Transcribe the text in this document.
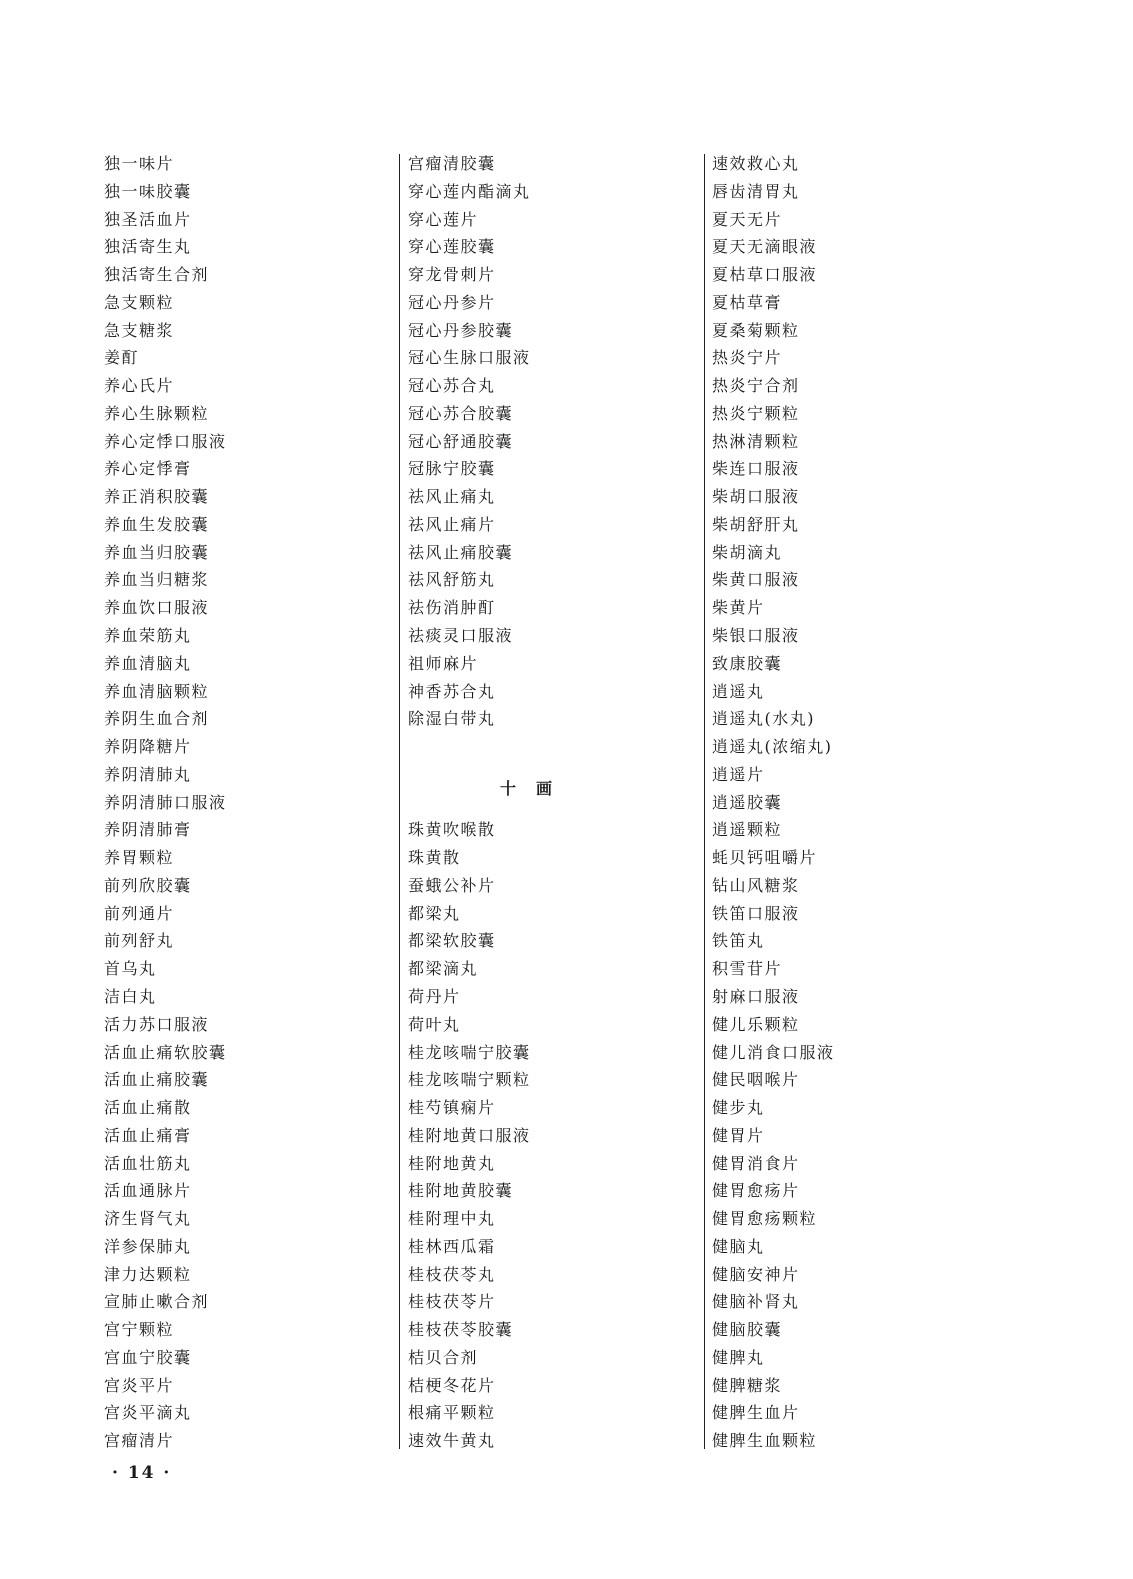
独一味片
独一味胶囊
独圣活血片
独活寄生丸
独活寄生合剂
急支颗粒
急支糖浆
姜酊
养心氏片
养心生脉颗粒
养心定悸口服液
养心定悸膏
养正消积胶囊
养血生发胶囊
养血当归胶囊
养血当归糖浆
养血饮口服液
养血荣筋丸
养血清脑丸
养血清脑颗粒
养阴生血合剂
养阴降糖片
养阴清肺丸
养阴清肺口服液
养阴清肺膏
养胃颗粒
前列欣胶囊
前列通片
前列舒丸
首乌丸
洁白丸
活力苏口服液
活血止痛软胶囊
活血止痛胶囊
活血止痛散
活血止痛膏
活血壮筋丸
活血通脉片
济生肾气丸
洋参保肺丸
津力达颗粒
宣肺止嗽合剂
宫宁颗粒
宫血宁胶囊
宫炎平片
宫炎平滴丸
宫瘤清片
宫瘤清胶囊
穿心莲内酯滴丸
穿心莲片
穿心莲胶囊
穿龙骨刺片
冠心丹参片
冠心丹参胶囊
冠心生脉口服液
冠心苏合丸
冠心苏合胶囊
冠心舒通胶囊
冠脉宁胶囊
祛风止痛丸
祛风止痛片
祛风止痛胶囊
祛风舒筋丸
祛伤消肿酊
祛痰灵口服液
祖师麻片
神香苏合丸
除湿白带丸
十画
珠黄吹喉散
珠黄散
蚕蛾公补片
都梁丸
都梁软胶囊
都梁滴丸
荷丹片
荷叶丸
桂龙咳喘宁胶囊
桂龙咳喘宁颗粒
桂芍镇痫片
桂附地黄口服液
桂附地黄丸
桂附地黄胶囊
桂附理中丸
桂林西瓜霜
桂枝茯苓丸
桂枝茯苓片
桂枝茯苓胶囊
桔贝合剂
桔梗冬花片
根痛平颗粒
速效牛黄丸
速效救心丸
唇齿清胃丸
夏天无片
夏天无滴眼液
夏枯草口服液
夏枯草膏
夏桑菊颗粒
热炎宁片
热炎宁合剂
热炎宁颗粒
热淋清颗粒
柴连口服液
柴胡口服液
柴胡舒肝丸
柴胡滴丸
柴黄口服液
柴黄片
柴银口服液
致康胶囊
逍遥丸
逍遥丸(水丸)
逍遥丸(浓缩丸)
逍遥片
逍遥胶囊
逍遥颗粒
蚝贝钙咀嚼片
钻山风糖浆
铁笛口服液
铁笛丸
积雪苷片
射麻口服液
健儿乐颗粒
健儿消食口服液
健民咽喉片
健步丸
健胃片
健胃消食片
健胃愈疡片
健胃愈疡颗粒
健脑丸
健脑安神片
健脑补肾丸
健脑胶囊
健脾丸
健脾糖浆
健脾生血片
健脾生血颗粒
· 14 ·
